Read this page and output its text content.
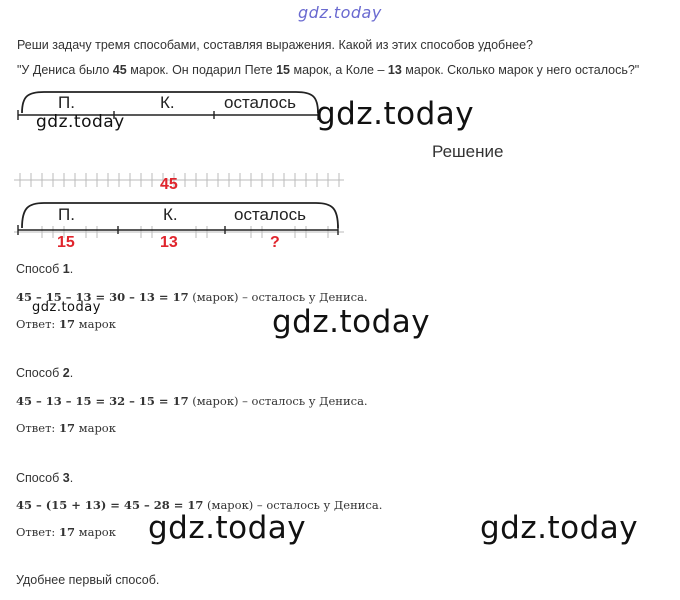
gdz.today
Реши задачу тремя способами, составляя выражения. Какой из этих способов удобнее?
"У Дениса было 45 марок. Он подарил Пете 15 марок, а Коле – 13 марок. Сколько марок у него осталось?"
П.	К.	осталось
gdz.today	gdz.today
Решение
45
П.	К.	осталось
15	13	?
Способ 1.
45 – 15 – 13 = 30 – 13 = 17 (марок) – осталось у Дениса.
gdz.today
Ответ: 17 марок	gdz.today
Способ 2.
45 – 13 – 15 = 32 – 15 = 17 (марок) – осталось у Дениса.
Ответ: 17 марок
Способ 3.
45 – (15 + 13) = 45 – 28 = 17 (марок) – осталось у Дениса.
Ответ: 17 марок gdz.today	gdz.today
Удобнее первый способ.
